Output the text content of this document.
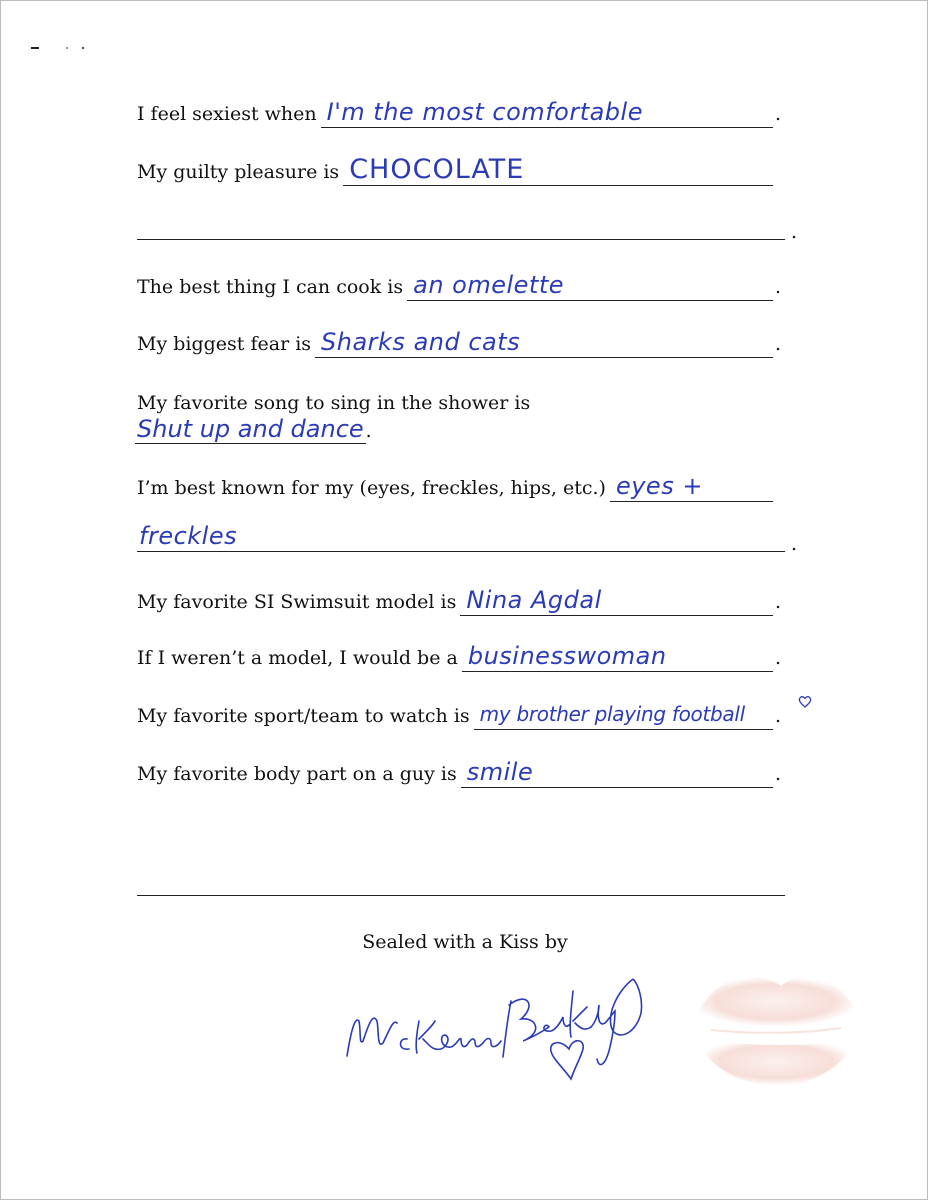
I feel sexiest when I'm the most comfortable	.
My guilty pleasure is CHOCOLATE
.
The best thing I can cook is an omelette	.
My biggest fear is Sharks and cats	.
My favorite song to sing in the shower is
Shut up and dance .
I’m best known for my (eyes, freckles, hips, etc.) eyes +
freckles	.
My favorite SI Swimsuit model is Nina Agdal	.
If I weren’t a model, I would be a businesswoman	.
My favorite sport/team to watch is my brother playing football .
My favorite body part on a guy is smile	.
Sealed with a Kiss by
